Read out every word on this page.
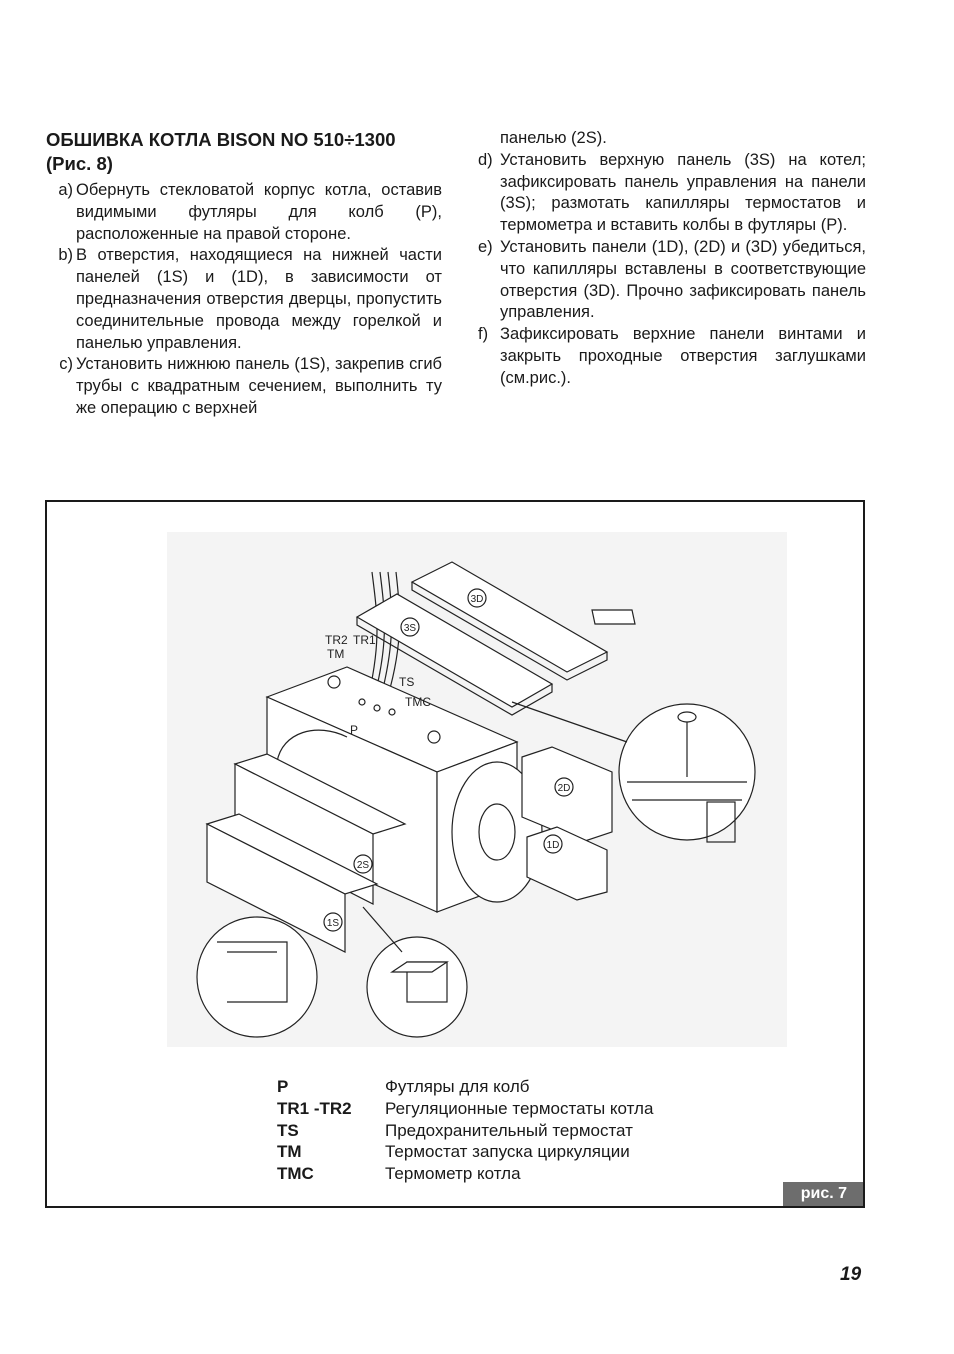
ОБШИВКА КОТЛА BISON NO 510÷1300
(Рис. 8)
a) Обернуть стекловатой корпус котла, оставив видимыми футляры для колб (P), расположенные на правой стороне.
b) В отверстия, находящиеся на нижней части панелей (1S) и (1D), в зависимости от предназначения отверстия дверцы, пропустить соединительные провода между горелкой и панелью управления.
c) Установить нижнюю панель (1S), закрепив сгиб трубы с квадратным сечением, выполнить ту же операцию с верхней
панелью (2S).
d) Установить верхную панель (3S) на котел; зафиксировать панель управления на панели (3S); размотать капилляры термостатов и термометра и вставить колбы в футляры (P).
e) Установить панели (1D), (2D) и (3D) убедиться, что капилляры вставлены в соответствующие отверстия (3D). Прочно зафиксировать панель управления.
f) Зафиксировать верхние панели винтами и закрыть проходные отверстия заглушками (см.рис.).
TR2 TR1
TM
TS
TMC
P
3D
3S
2D
1D
2S
1S
P	Футляры для колб
TR1 -TR2	Регуляционные термостаты котла
TS	Предохранительный термостат
TM	Термостат запуска циркуляции
TMC	Термометр котла
рис. 7
19
